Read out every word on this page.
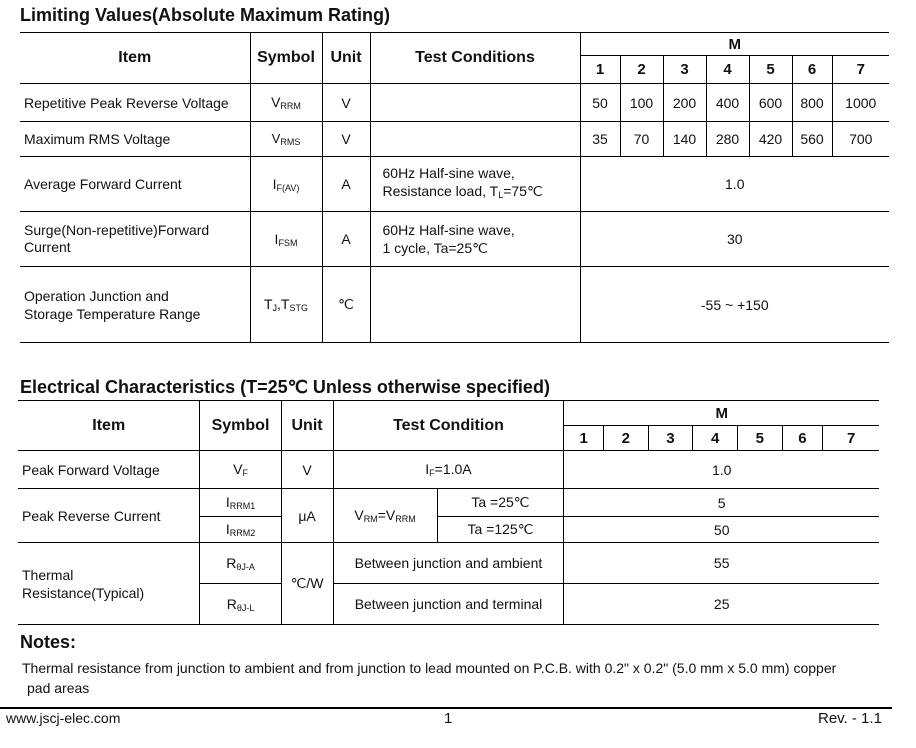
Limiting Values(Absolute Maximum Rating)
Item	Symbol	Unit	Test Conditions	M						
				1	2	3	4	5	6	7
Repetitive Peak Reverse Voltage	$V_{RRM}$	V		50	100	200	400	600	800	1000
Maximum RMS Voltage	$V_{RMS}$	V		35	70	140	280	420	560	700
Average Forward Current	$I_{F(AV)}$	A	60Hz Half-sine wave,
Resistance load, $T_L=75℃$	1.0						
Surge(Non-repetitive)Forward
Current	$I_{FSM}$	A	60Hz Half-sine wave,
1 cycle, Ta=25℃	30						
Operation Junction and
Storage Temperature Range	$T_J,T_{STG}$	℃		-55 ~ +150						
Electrical Characteristics (T=25℃ Unless otherwise specified)
Item	Symbol	Unit	Test Condition		M						
					1	2	3	4	5	6	7
Peak Forward Voltage	$V_F$	V	$I_F=1.0A$		1.0						
Peak Reverse Current	$I_{RRM1}$	μA	$V_{RM}=V_{RRM}$	Ta =25℃	5						
	$I_{RRM2}$			Ta =125℃	50						
Thermal
Resistance(Typical)	$R_{\theta J-A}$	℃/W	Between junction and ambient		55						
	$R_{\theta J-L}$		Between junction and terminal		25						
Notes:
Thermal resistance from junction to ambient and from junction to lead mounted on P.C.B. with 0.2" x 0.2" (5.0 mm x 5.0 mm) copper
pad areas
www.jscj-elec.com	1	Rev. - 1.1
